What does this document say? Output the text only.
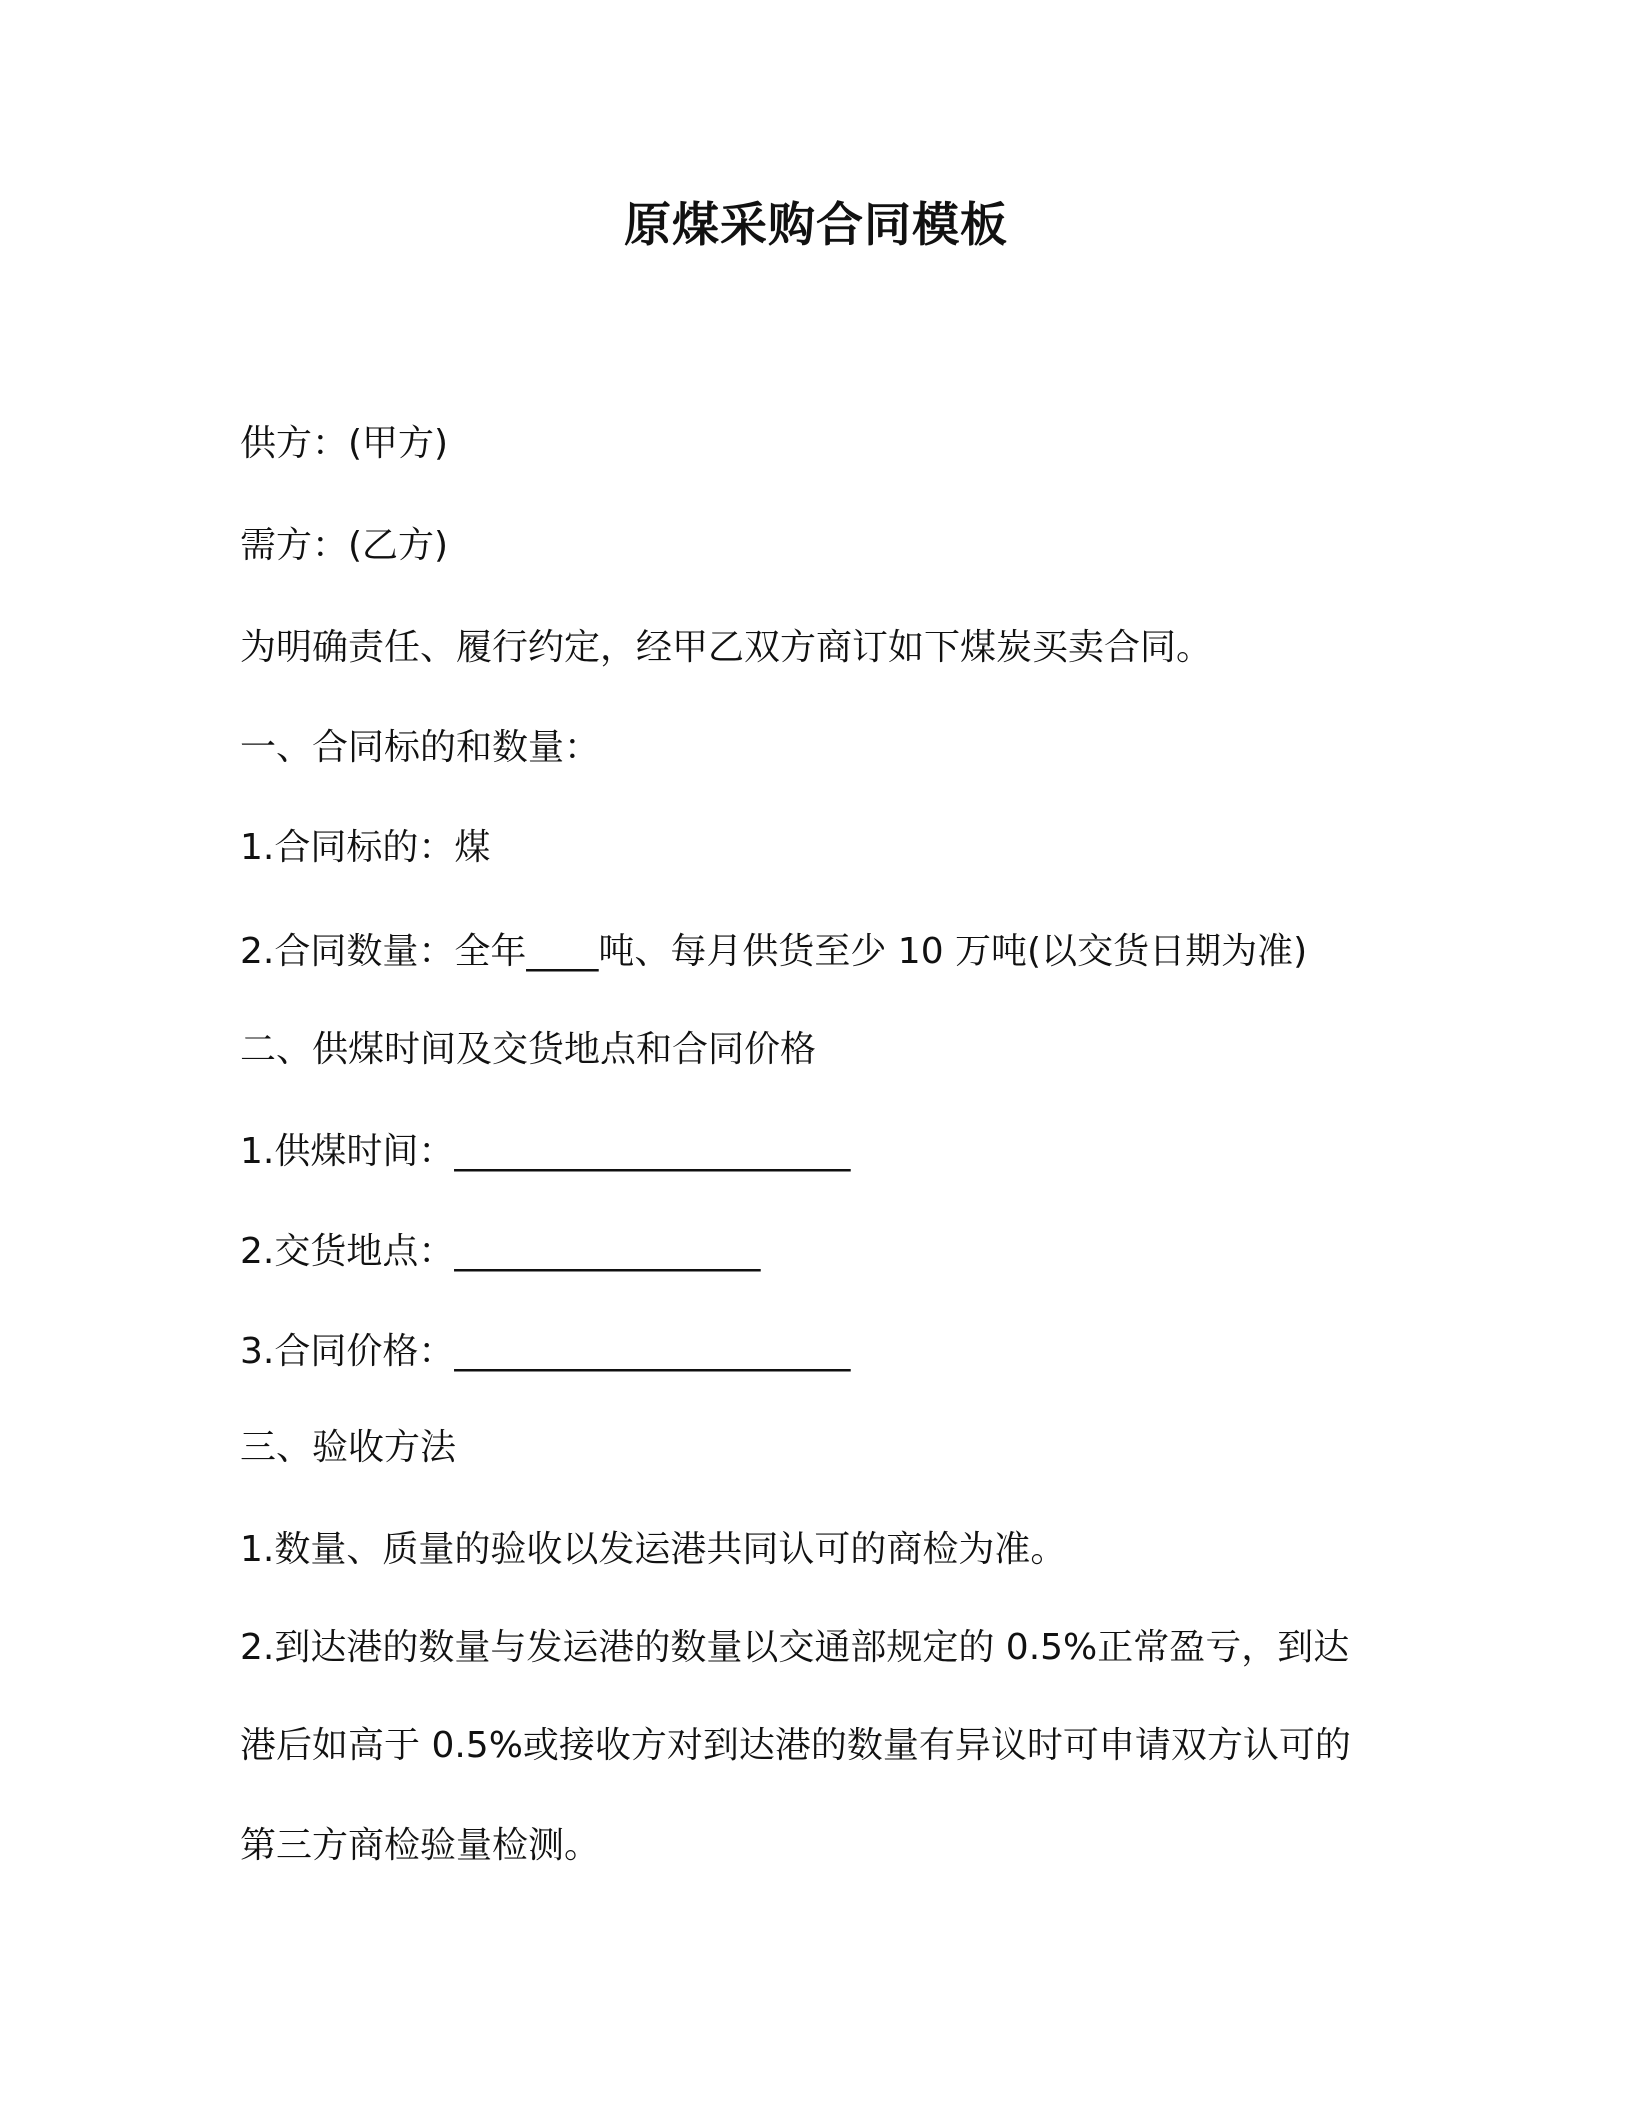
原煤采购合同模板
供方：(甲方)
需方：(乙方)
为明确责任、履行约定，经甲乙双方商订如下煤炭买卖合同。
一、合同标的和数量：
1.合同标的：煤
2.合同数量：全年____吨、每月供货至少 10 万吨(以交货日期为准)
二、供煤时间及交货地点和合同价格
1.供煤时间：______________________
2.交货地点：_________________
3.合同价格：______________________
三、验收方法
1.数量、质量的验收以发运港共同认可的商检为准。
2.到达港的数量与发运港的数量以交通部规定的 0.5%正常盈亏，到达
港后如高于 0.5%或接收方对到达港的数量有异议时可申请双方认可的
第三方商检验量检测。
